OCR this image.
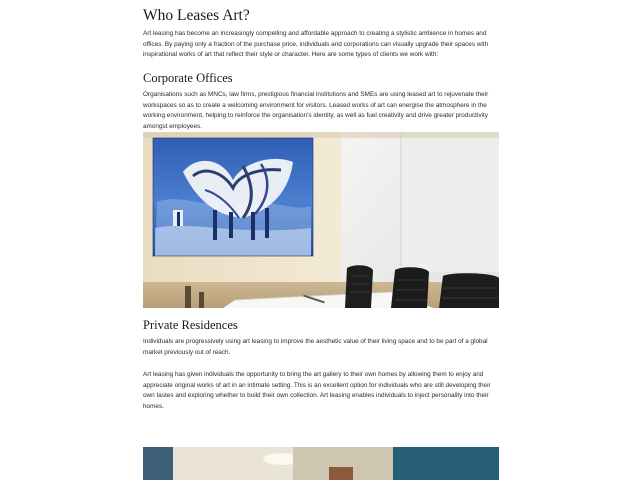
Who Leases Art?

Art leasing has become an increasingly compelling and affordable approach to creating a stylistic ambience in homes and offices. By paying only a fraction of the purchase price, individuals and corporations can visually upgrade their spaces with inspirational works of art that reflect their style or character. Here are some types of clients we work with:

Corporate Offices

Organisations such as MNCs, law firms, prestigious financial institutions and SMEs are using leased art to rejuvenate their workspaces so as to create a welcoming environment for visitors. Leased works of art can energise the atmosphere in the working environment, helping to reinforce the organisation's identity, as well as fuel creativity and drive greater productivity amongst employees.

Private Residences

Individuals are progressively using art leasing to improve the aesthetic value of their living space and to be part of a global market previously out of reach.

Art leasing has given individuals the opportunity to bring the art gallery to their own homes by allowing them to enjoy and appreciate original works of art in an intimate setting. This is an excellent option for individuals who are still developing their own tastes and exploring whether to build their own collection. Art leasing enables individuals to inject personality into their homes.
